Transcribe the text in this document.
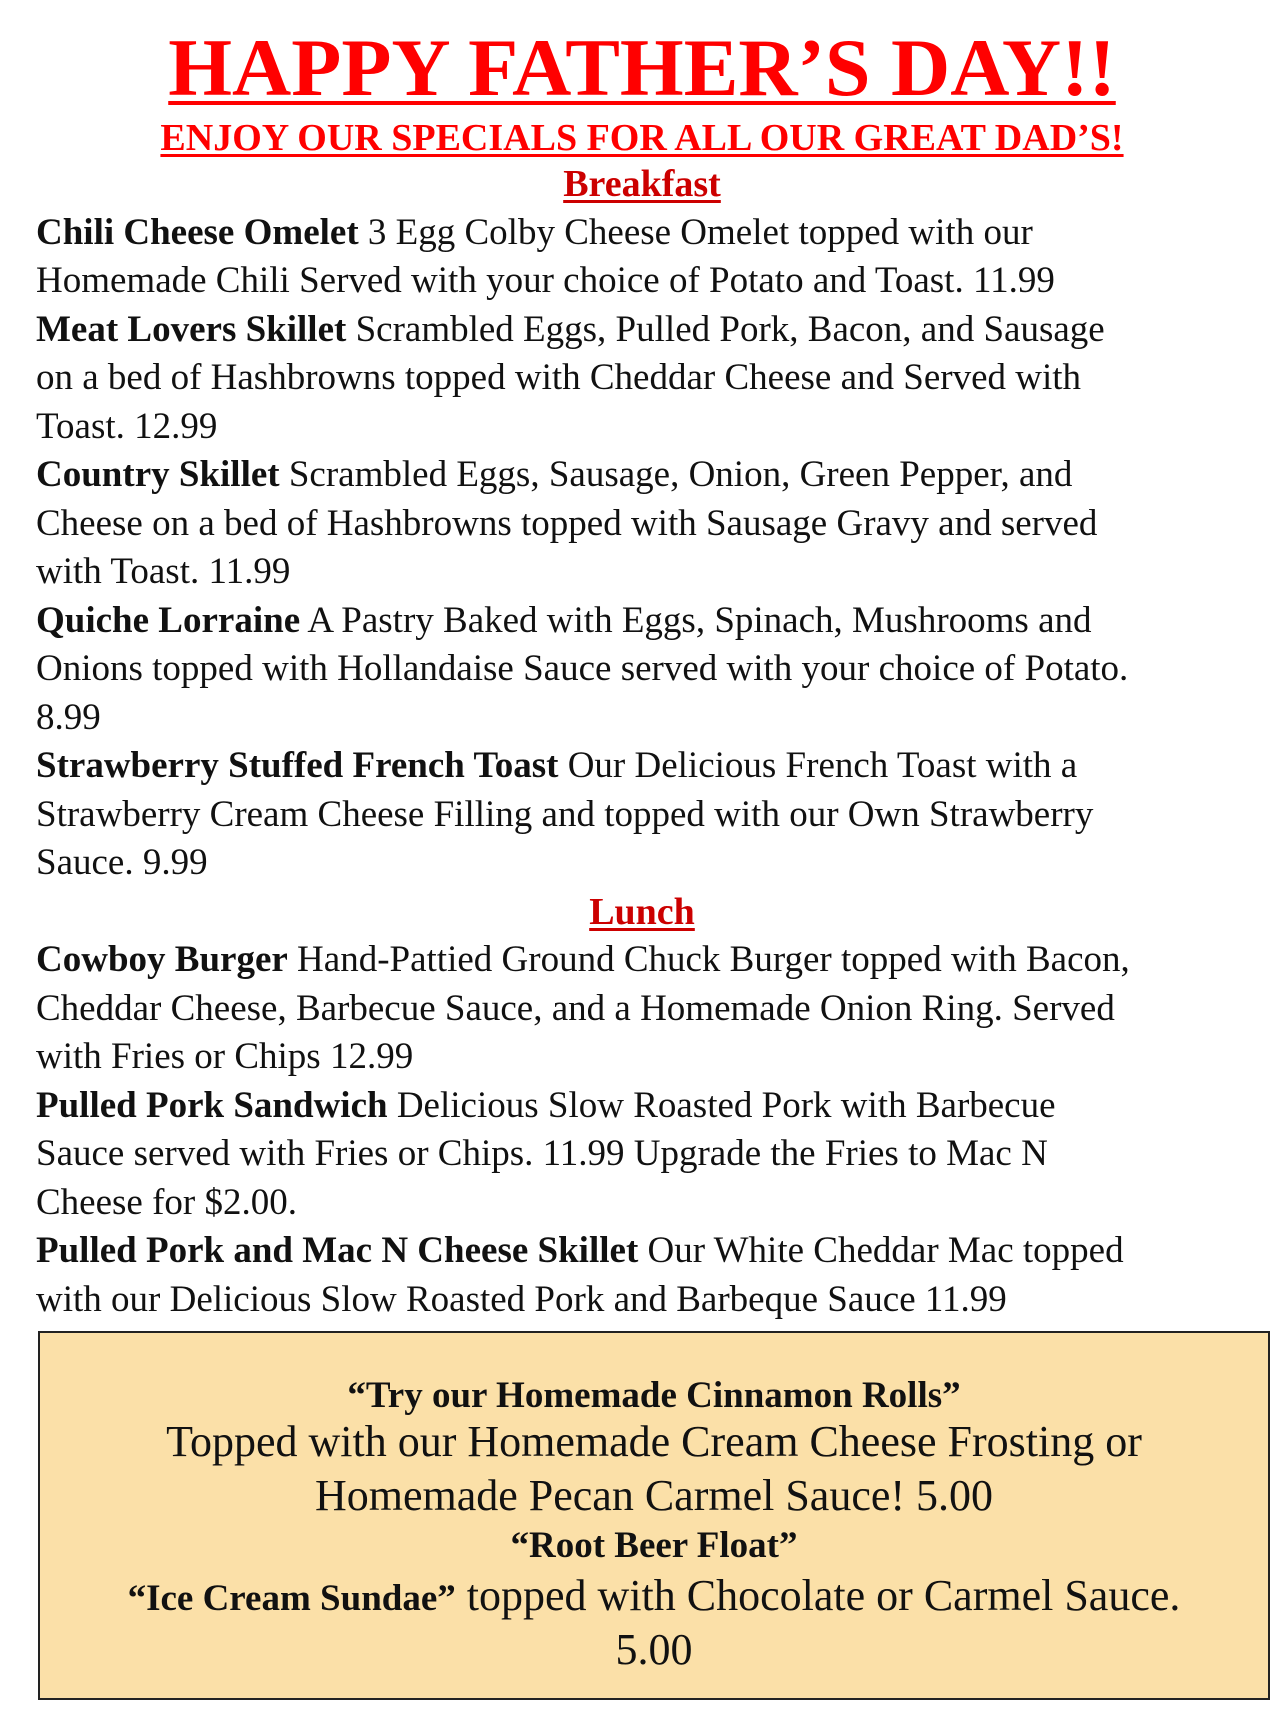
HAPPY FATHER’S DAY!!
ENJOY OUR SPECIALS FOR ALL OUR GREAT DAD’S!
Breakfast

Chili Cheese Omelet 3 Egg Colby Cheese Omelet topped with our
Homemade Chili Served with your choice of Potato and Toast. 11.99

Meat Lovers Skillet Scrambled Eggs, Pulled Pork, Bacon, and Sausage
on a bed of Hashbrowns topped with Cheddar Cheese and Served with
Toast. 12.99

Country Skillet Scrambled Eggs, Sausage, Onion, Green Pepper, and
Cheese on a bed of Hashbrowns topped with Sausage Gravy and served
with Toast. 11.99

Quiche Lorraine A Pastry Baked with Eggs, Spinach, Mushrooms and
Onions topped with Hollandaise Sauce served with your choice of Potato.
8.99

Strawberry Stuffed French Toast Our Delicious French Toast with a
Strawberry Cream Cheese Filling and topped with our Own Strawberry
Sauce. 9.99

Lunch

Cowboy Burger Hand-Pattied Ground Chuck Burger topped with Bacon,
Cheddar Cheese, Barbecue Sauce, and a Homemade Onion Ring. Served
with Fries or Chips 12.99

Pulled Pork Sandwich Delicious Slow Roasted Pork with Barbecue
Sauce served with Fries or Chips. 11.99 Upgrade the Fries to Mac N
Cheese for $2.00.

Pulled Pork and Mac N Cheese Skillet Our White Cheddar Mac topped
with our Delicious Slow Roasted Pork and Barbeque Sauce 11.99

“Try our Homemade Cinnamon Rolls”
Topped with our Homemade Cream Cheese Frosting or
Homemade Pecan Carmel Sauce! 5.00
“Root Beer Float”
“Ice Cream Sundae” topped with Chocolate or Carmel Sauce.
5.00
